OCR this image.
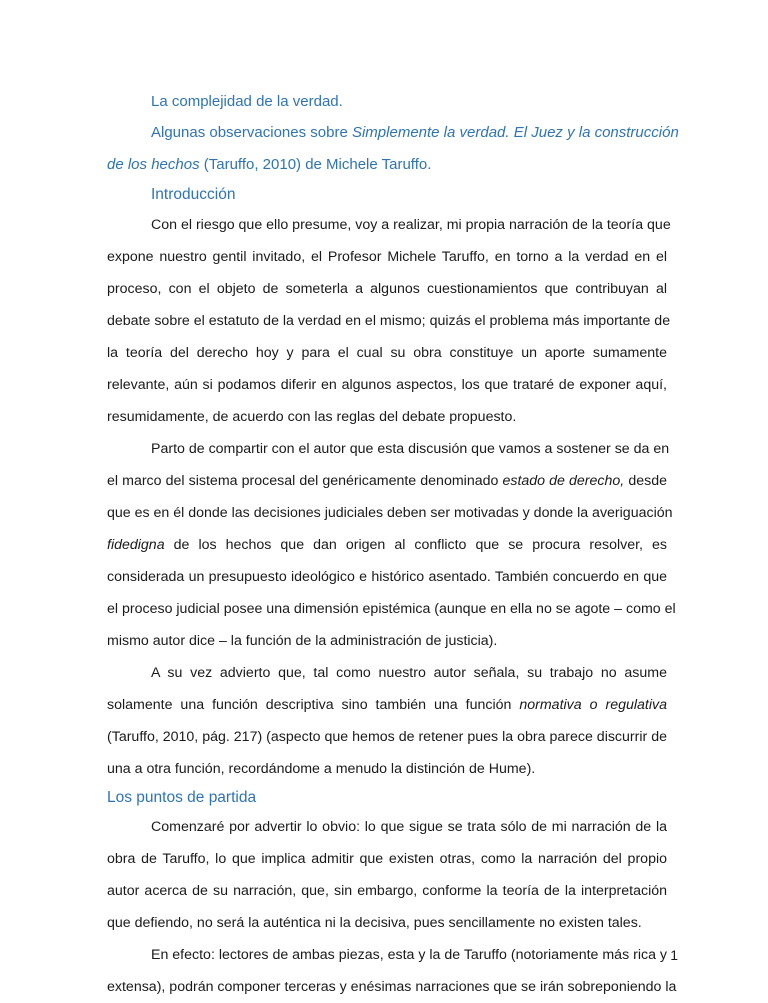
La complejidad de la verdad.
Algunas observaciones sobre Simplemente la verdad. El Juez y la construcción
de los hechos (Taruffo, 2010) de Michele Taruffo.
Introducción
Con el riesgo que ello presume, voy a realizar, mi propia narración de la teoría que
expone nuestro gentil invitado, el Profesor Michele Taruffo, en torno a la verdad en el
proceso, con el objeto de someterla a algunos cuestionamientos que contribuyan al
debate sobre el estatuto de la verdad en el mismo; quizás el problema más importante de
la teoría del derecho hoy y para el cual su obra constituye un aporte sumamente
relevante, aún si podamos diferir en algunos aspectos, los que trataré de exponer aquí,
resumidamente, de acuerdo con las reglas del debate propuesto.
Parto de compartir con el autor que esta discusión que vamos a sostener se da en
el marco del sistema procesal del genéricamente denominado estado de derecho, desde
que es en él donde las decisiones judiciales deben ser motivadas y donde la averiguación
fidedigna de los hechos que dan origen al conflicto que se procura resolver, es
considerada un presupuesto ideológico e histórico asentado. También concuerdo en que
el proceso judicial posee una dimensión epistémica (aunque en ella no se agote – como el
mismo autor dice – la función de la administración de justicia).
A su vez advierto que, tal como nuestro autor señala, su trabajo no asume
solamente una función descriptiva sino también una función normativa o regulativa
(Taruffo, 2010, pág. 217) (aspecto que hemos de retener pues la obra parece discurrir de
una a otra función, recordándome a menudo la distinción de Hume).
Los puntos de partida
Comenzaré por advertir lo obvio: lo que sigue se trata sólo de mi narración de la
obra de Taruffo, lo que implica admitir que existen otras, como la narración del propio
autor acerca de su narración, que, sin embargo, conforme la teoría de la interpretación
que defiendo, no será la auténtica ni la decisiva, pues sencillamente no existen tales.
En efecto: lectores de ambas piezas, esta y la de Taruffo (notoriamente más rica y
extensa), podrán componer terceras y enésimas narraciones que se irán sobreponiendo la
1
